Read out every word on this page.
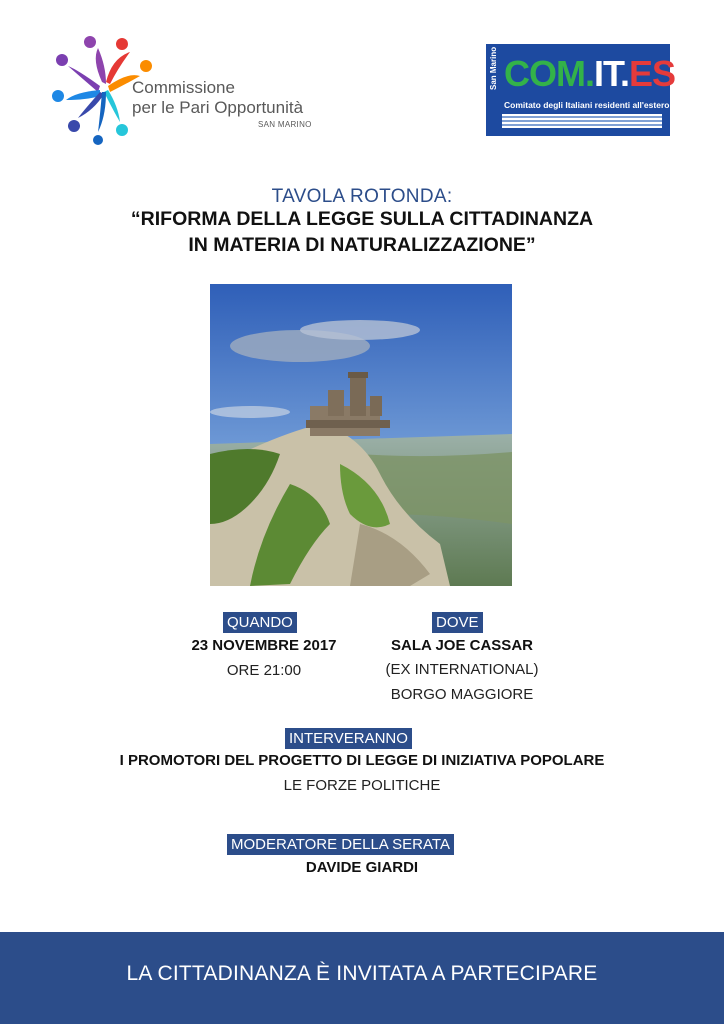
Commissione
per le Pari Opportunità
SAN MARINO
San Marino COM.IT.ES
Comitato degli Italiani residenti all'estero
TAVOLA ROTONDA:
“RIFORMA DELLA LEGGE SULLA CITTADINANZA
IN MATERIA DI NATURALIZZAZIONE”
QUANDO
23 NOVEMBRE 2017
ORE 21:00
DOVE
SALA JOE CASSAR
(EX INTERNATIONAL)
BORGO MAGGIORE
INTERVERANNO
I PROMOTORI DEL PROGETTO DI LEGGE DI INIZIATIVA POPOLARE
LE FORZE POLITICHE
MODERATORE DELLA SERATA
DAVIDE GIARDI
LA CITTADINANZA È INVITATA A PARTECIPARE
